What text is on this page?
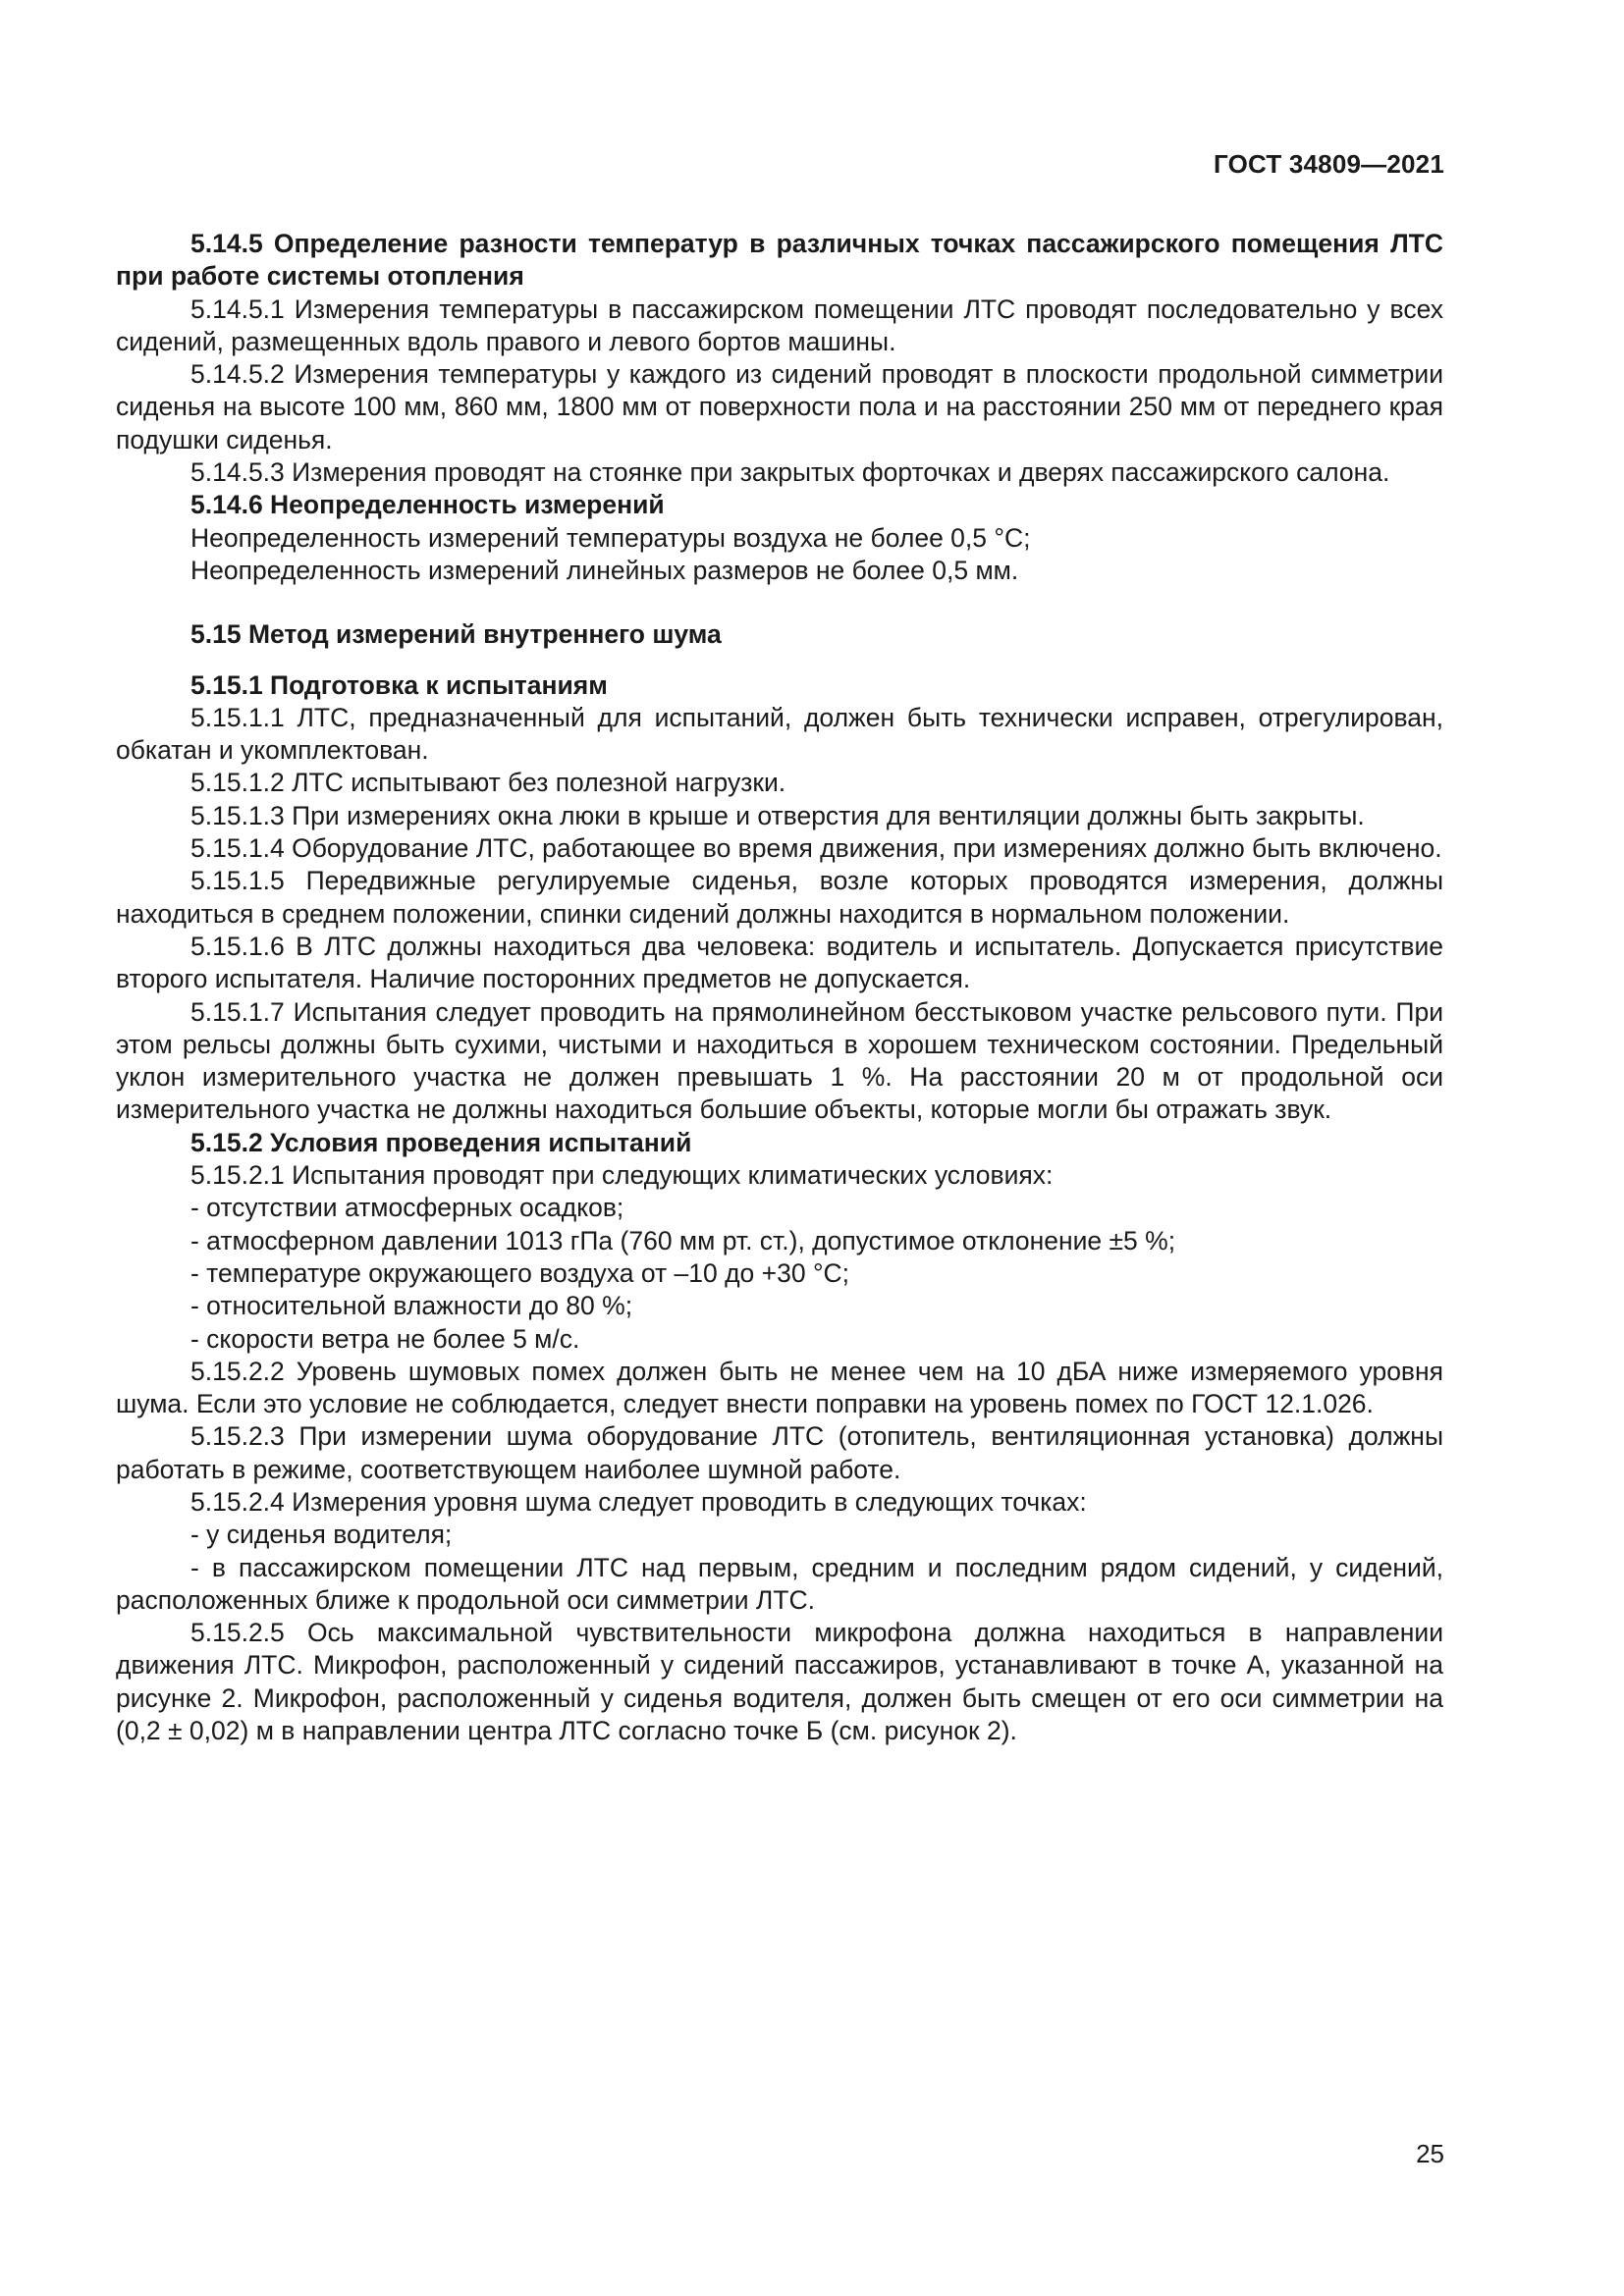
ГОСТ 34809—2021

5.14.5 Определение разности температур в различных точках пассажирского помещения ЛТС при работе системы отопления

5.14.5.1 Измерения температуры в пассажирском помещении ЛТС проводят последовательно у всех сидений, размещенных вдоль правого и левого бортов машины.

5.14.5.2 Измерения температуры у каждого из сидений проводят в плоскости продольной симметрии сиденья на высоте 100 мм, 860 мм, 1800 мм от поверхности пола и на расстоянии 250 мм от переднего края подушки сиденья.

5.14.5.3 Измерения проводят на стоянке при закрытых форточках и дверях пассажирского салона.

5.14.6 Неопределенность измерений

Неопределенность измерений температуры воздуха не более 0,5 °C;

Неопределенность измерений линейных размеров не более 0,5 мм.

5.15 Метод измерений внутреннего шума

5.15.1 Подготовка к испытаниям

5.15.1.1 ЛТС, предназначенный для испытаний, должен быть технически исправен, отрегулирован, обкатан и укомплектован.

5.15.1.2 ЛТС испытывают без полезной нагрузки.

5.15.1.3 При измерениях окна люки в крыше и отверстия для вентиляции должны быть закрыты.

5.15.1.4 Оборудование ЛТС, работающее во время движения, при измерениях должно быть включено.

5.15.1.5 Передвижные регулируемые сиденья, возле которых проводятся измерения, должны находиться в среднем положении, спинки сидений должны находится в нормальном положении.

5.15.1.6 В ЛТС должны находиться два человека: водитель и испытатель. Допускается присутствие второго испытателя. Наличие посторонних предметов не допускается.

5.15.1.7 Испытания следует проводить на прямолинейном бесстыковом участке рельсового пути. При этом рельсы должны быть сухими, чистыми и находиться в хорошем техническом состоянии. Предельный уклон измерительного участка не должен превышать 1 %. На расстоянии 20 м от продольной оси измерительного участка не должны находиться большие объекты, которые могли бы отражать звук.

5.15.2 Условия проведения испытаний

5.15.2.1 Испытания проводят при следующих климатических условиях:

- отсутствии атмосферных осадков;

- атмосферном давлении 1013 гПа (760 мм рт. ст.), допустимое отклонение ±5 %;

- температуре окружающего воздуха от –10 до +30 °С;

- относительной влажности до 80 %;

- скорости ветра не более 5 м/с.

5.15.2.2 Уровень шумовых помех должен быть не менее чем на 10 дБА ниже измеряемого уровня шума. Если это условие не соблюдается, следует внести поправки на уровень помех по ГОСТ 12.1.026.

5.15.2.3 При измерении шума оборудование ЛТС (отопитель, вентиляционная установка) должны работать в режиме, соответствующем наиболее шумной работе.

5.15.2.4 Измерения уровня шума следует проводить в следующих точках:

- у сиденья водителя;

- в пассажирском помещении ЛТС над первым, средним и последним рядом сидений, у сидений, расположенных ближе к продольной оси симметрии ЛТС.

5.15.2.5 Ось максимальной чувствительности микрофона должна находиться в направлении движения ЛТС. Микрофон, расположенный у сидений пассажиров, устанавливают в точке А, указанной на рисунке 2. Микрофон, расположенный у сиденья водителя, должен быть смещен от его оси симметрии на (0,2 ± 0,02) м в направлении центра ЛТС согласно точке Б (см. рисунок 2).

25
